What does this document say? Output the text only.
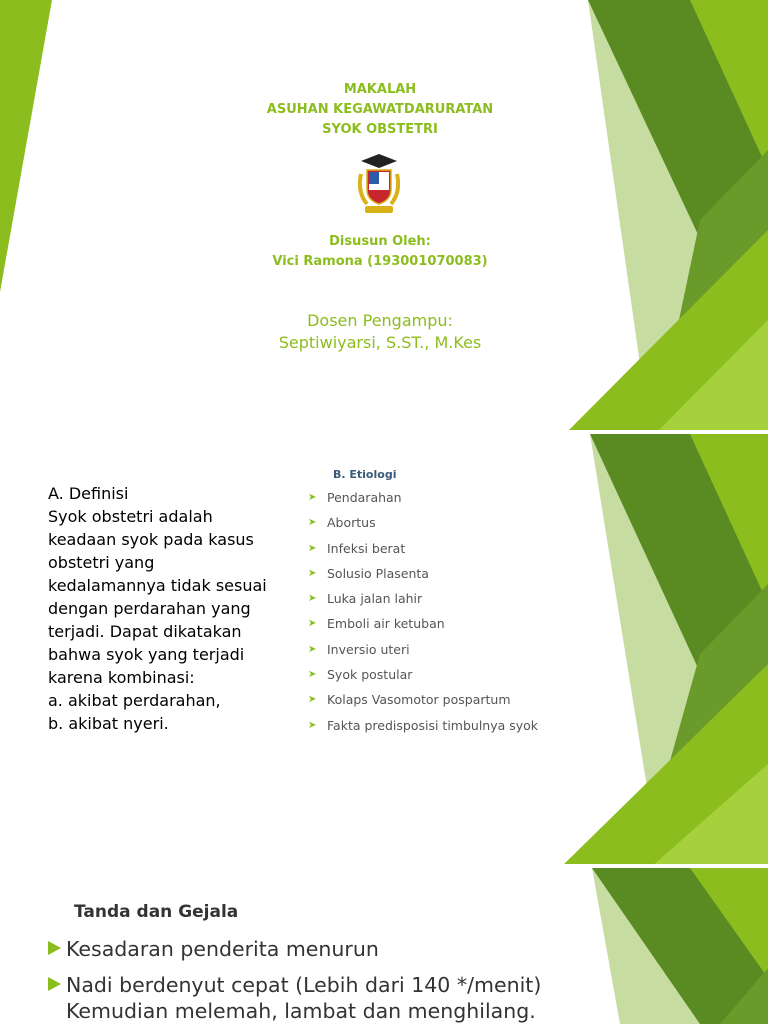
MAKALAH
ASUHAN KEGAWATDARURATAN
SYOK OBSTETRI
Disusun Oleh:
Vici Ramona (193001070083)
Dosen Pengampu:
Septiwiyarsi, S.ST., M.Kes
A. Definisi
Syok obstetri adalah
keadaan syok pada kasus
obstetri yang
kedalamannya tidak sesuai
dengan perdarahan yang
terjadi. Dapat dikatakan
bahwa syok yang terjadi
karena kombinasi:
a. akibat perdarahan,
b. akibat nyeri.
B. Etiologi
➤ Pendarahan
➤ Abortus
➤ Infeksi berat
➤ Solusio Plasenta
➤ Luka jalan lahir
➤ Emboli air ketuban
➤ Inversio uteri
➤ Syok postular
➤ Kolaps Vasomotor pospartum
➤ Fakta predisposisi timbulnya syok
Tanda dan Gejala
Kesadaran penderita menurun
Nadi berdenyut cepat (Lebih dari 140 */menit) Kemudian melemah, lambat dan menghilang.
